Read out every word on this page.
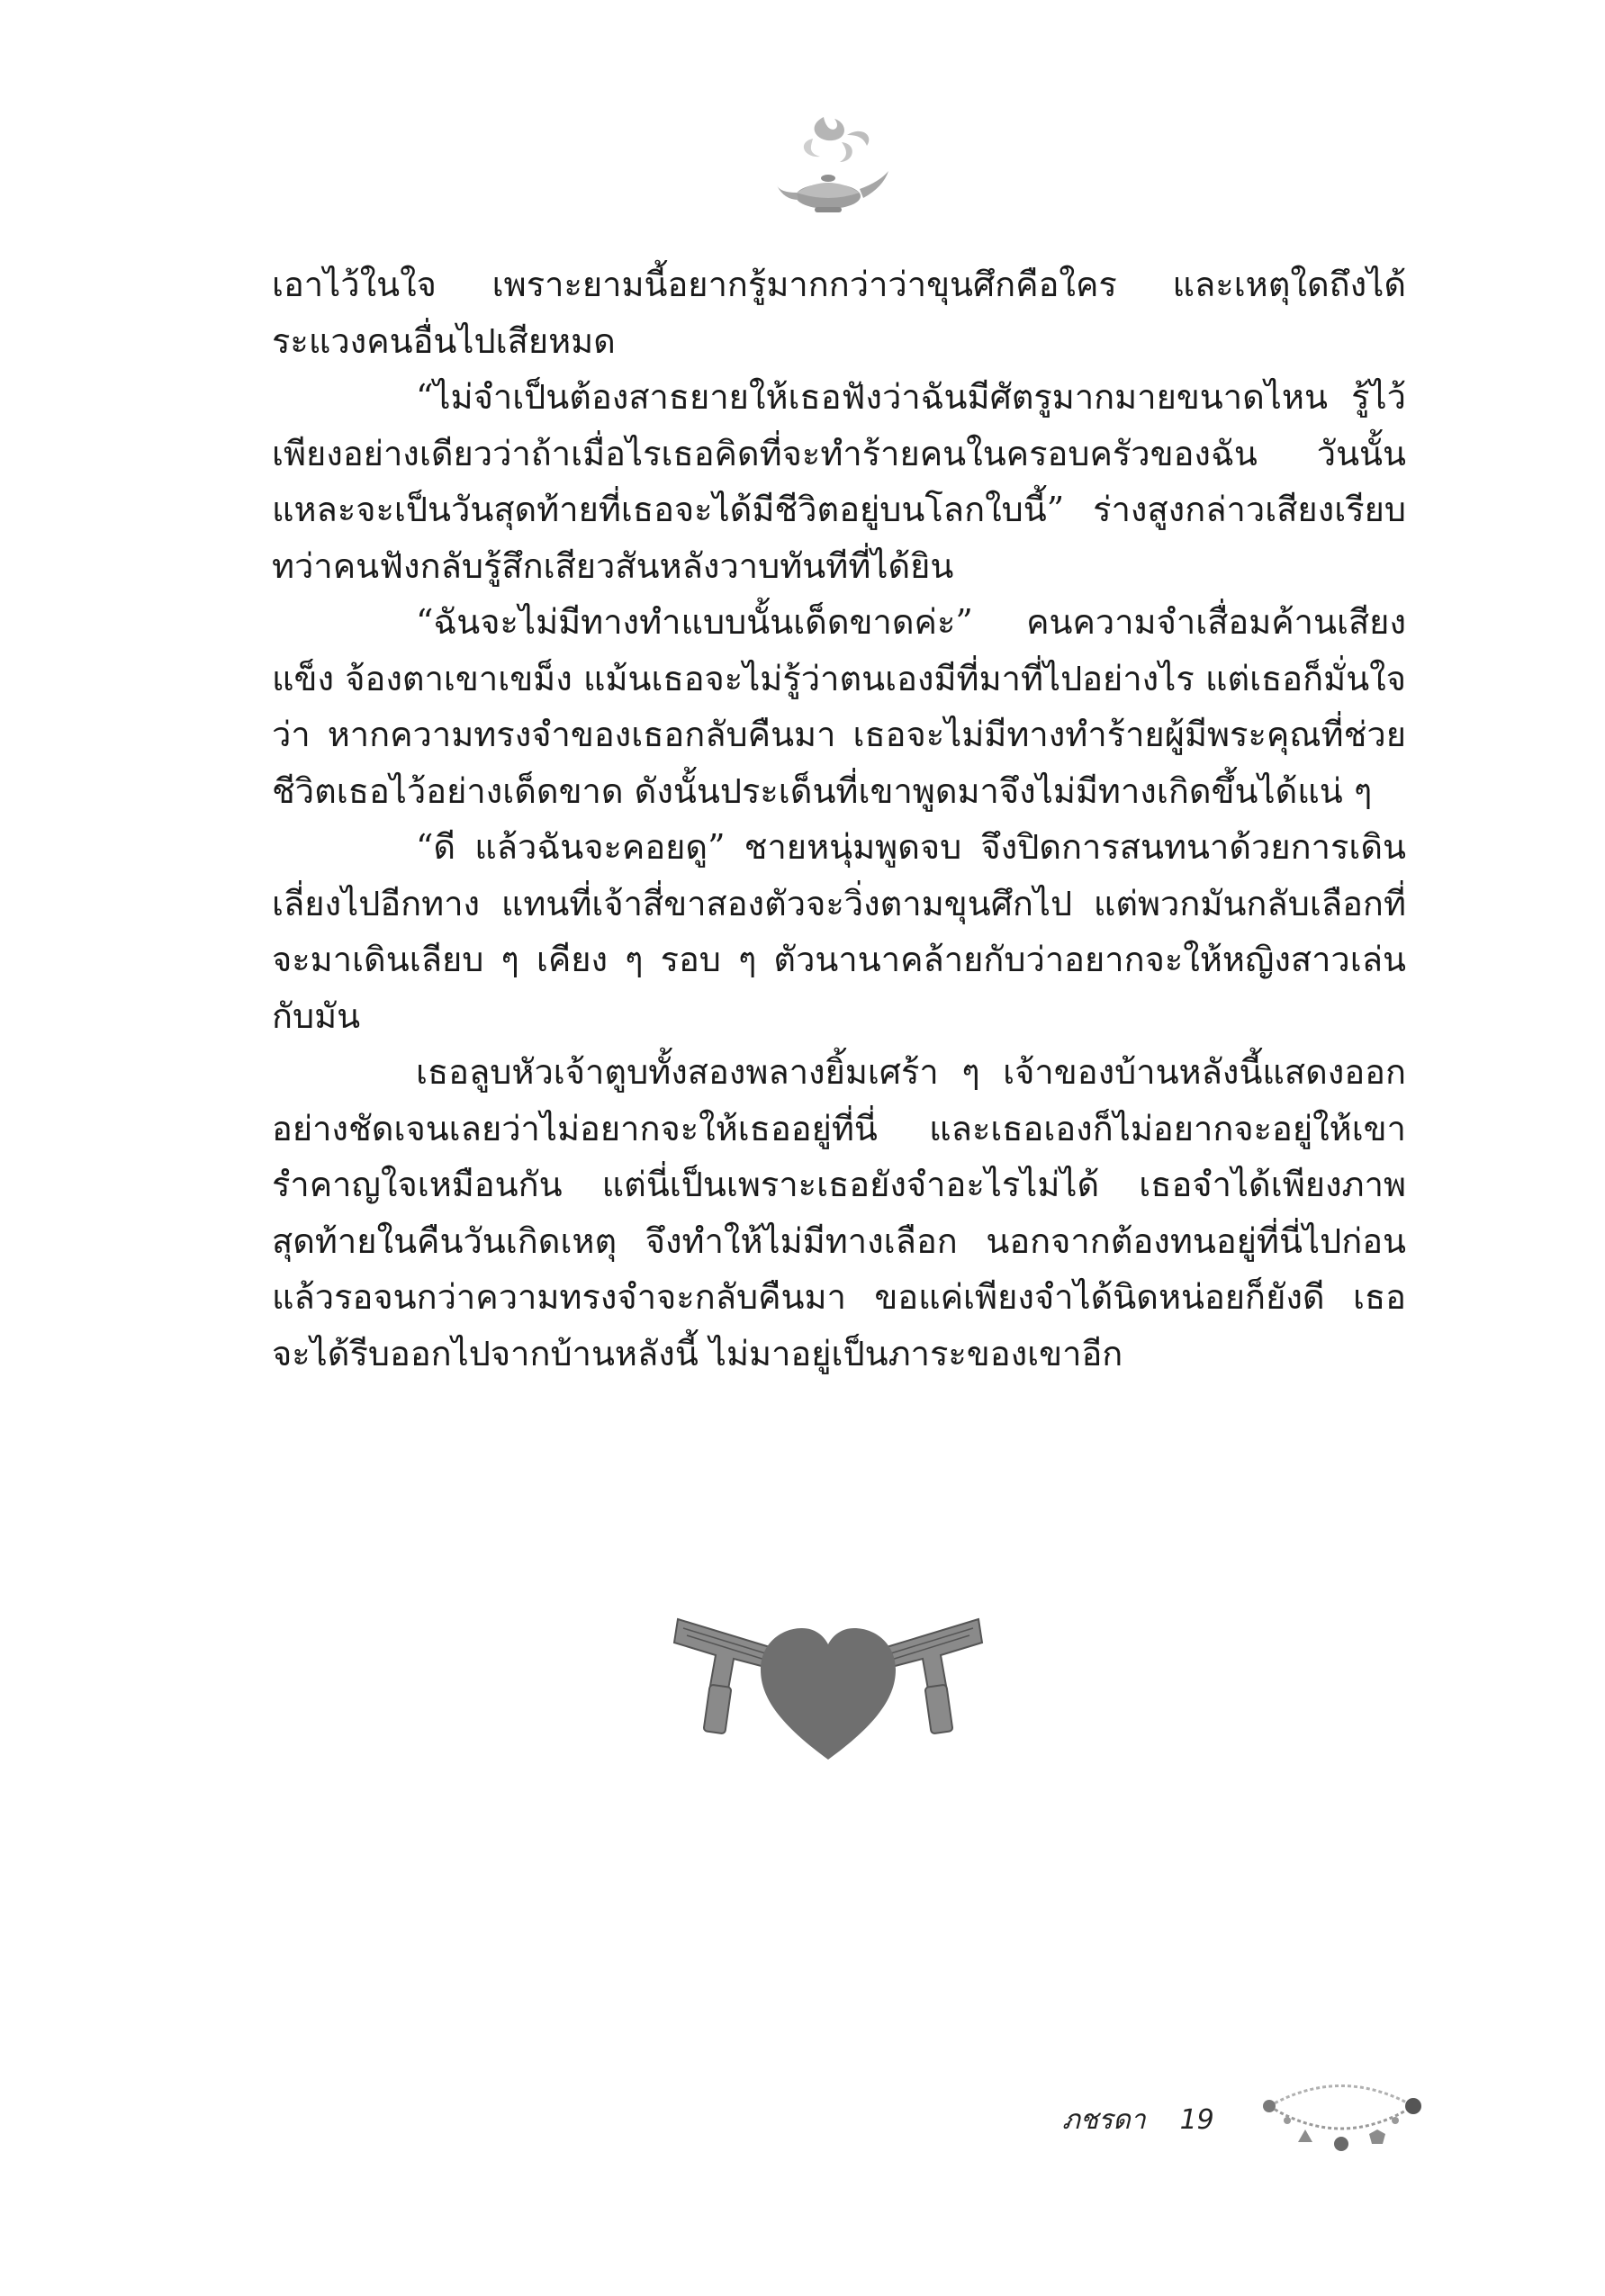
เอาไว้ในใจ เพราะยามนี้อยากรู้มากกว่าว่าขุนศึกคือใคร และเหตุใดถึงได้ระแวงคนอื่นไปเสียหมด

“ไม่จำเป็นต้องสาธยายให้เธอฟังว่าฉันมีศัตรูมากมายขนาดไหน รู้ไว้เพียงอย่างเดียวว่าถ้าเมื่อไรเธอคิดที่จะทำร้ายคนในครอบครัวของฉัน วันนั้นแหละจะเป็นวันสุดท้ายที่เธอจะได้มีชีวิตอยู่บนโลกใบนี้” ร่างสูงกล่าวเสียงเรียบ ทว่าคนฟังกลับรู้สึกเสียวสันหลังวาบทันทีที่ได้ยิน

“ฉันจะไม่มีทางทำแบบนั้นเด็ดขาดค่ะ” คนความจำเสื่อมค้านเสียงแข็ง จ้องตาเขาเขม็ง แม้นเธอจะไม่รู้ว่าตนเองมีที่มาที่ไปอย่างไร แต่เธอก็มั่นใจว่า หากความทรงจำของเธอกลับคืนมา เธอจะไม่มีทางทำร้ายผู้มีพระคุณที่ช่วยชีวิตเธอไว้อย่างเด็ดขาด ดังนั้นประเด็นที่เขาพูดมาจึงไม่มีทางเกิดขึ้นได้แน่ ๆ

“ดี แล้วฉันจะคอยดู” ชายหนุ่มพูดจบ จึงปิดการสนทนาด้วยการเดินเลี่ยงไปอีกทาง แทนที่เจ้าสี่ขาสองตัวจะวิ่งตามขุนศึกไป แต่พวกมันกลับเลือกที่จะมาเดินเลียบ ๆ เคียง ๆ รอบ ๆ ตัวนานาคล้ายกับว่าอยากจะให้หญิงสาวเล่นกับมัน

เธอลูบหัวเจ้าตูบทั้งสองพลางยิ้มเศร้า ๆ เจ้าของบ้านหลังนี้แสดงออกอย่างชัดเจนเลยว่าไม่อยากจะให้เธออยู่ที่นี่ และเธอเองก็ไม่อยากจะอยู่ให้เขารำคาญใจเหมือนกัน แต่นี่เป็นเพราะเธอยังจำอะไรไม่ได้ เธอจำได้เพียงภาพสุดท้ายในคืนวันเกิดเหตุ จึงทำให้ไม่มีทางเลือก นอกจากต้องทนอยู่ที่นี่ไปก่อน แล้วรอจนกว่าความทรงจำจะกลับคืนมา ขอแค่เพียงจำได้นิดหน่อยก็ยังดี เธอจะได้รีบออกไปจากบ้านหลังนี้ ไม่มาอยู่เป็นภาระของเขาอีก

ภชรดา 19
